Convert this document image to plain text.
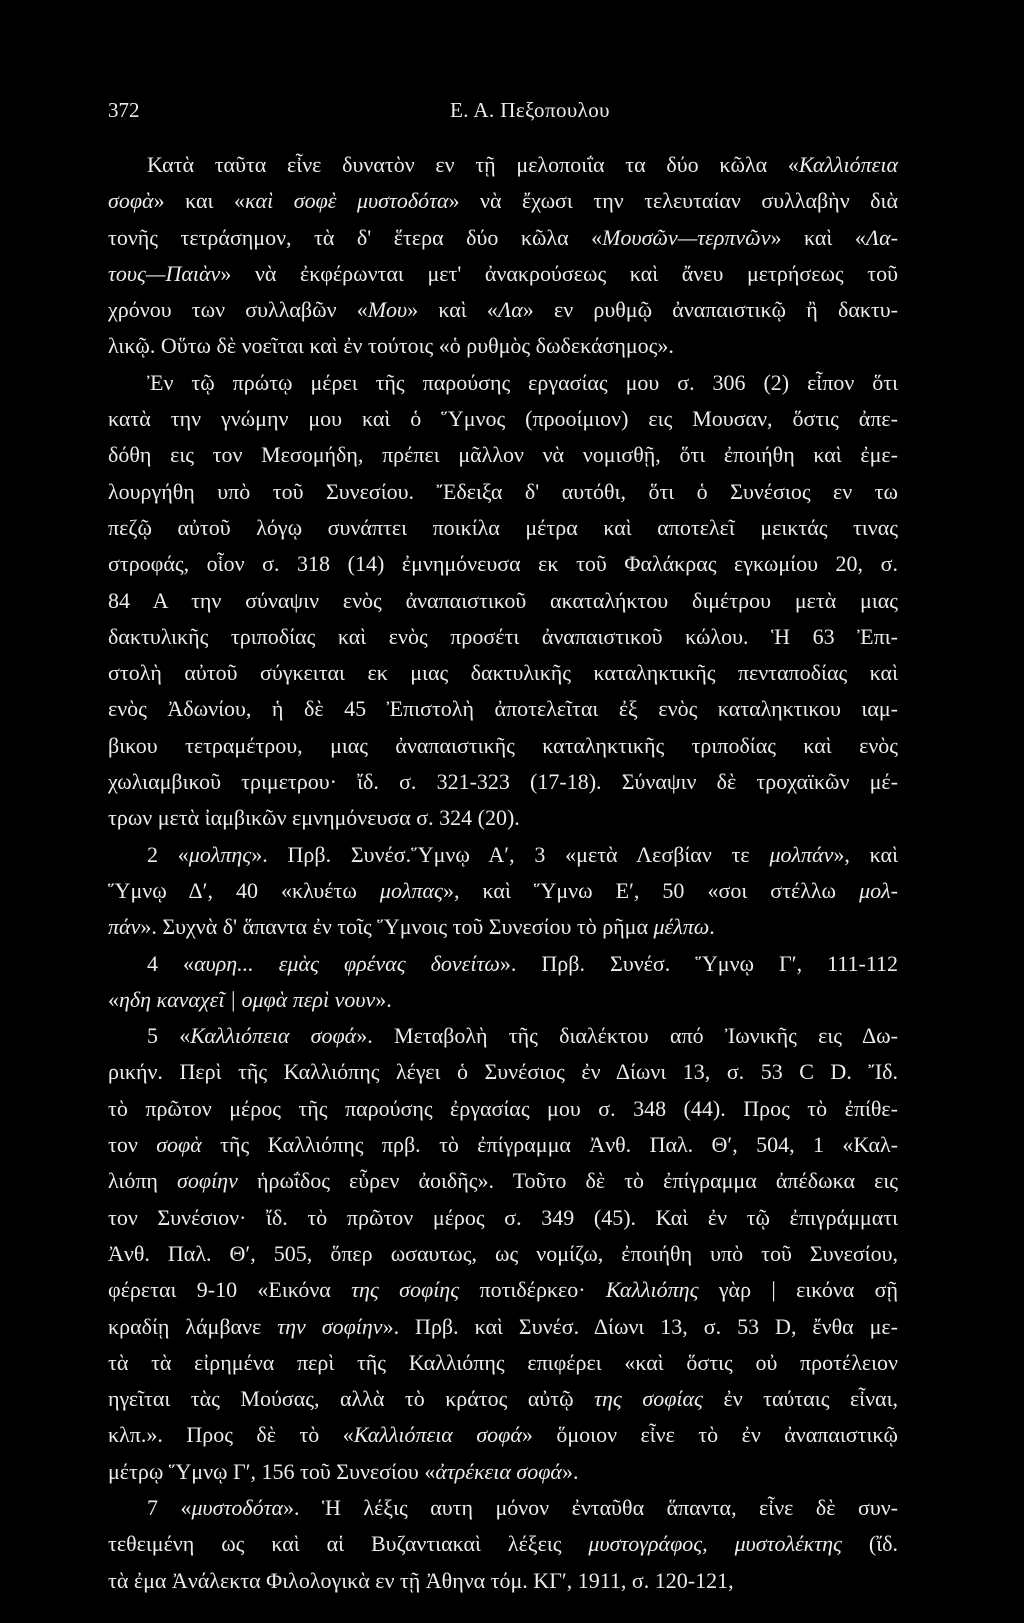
372	Ε. Α. Πεξοπουλου
Κατὰ ταῦτα εἶνε δυνατὸν εν τῇ μελοποιΐα τα δύο κῶλα «Καλλιόπεια
σοφὰ» και «καὶ σοφὲ μυστοδότα» νὰ ἔχωσι την τελευταίαν συλλαβὴν διὰ
τονῆς τετράσημον, τὰ δ' ἕτερα δύο κῶλα «Μουσῶν—τερπνῶν» καὶ «Λα-
τους—Παιὰν» νὰ ἐκφέρωνται μετ' ἀνακρούσεως καὶ ἄνευ μετρήσεως τοῦ
χρόνου των συλλαβῶν «Μου» καὶ «Λα» εν ρυθμῷ ἀναπαιστικῷ ἢ δακτυ-
λικῷ. Οὕτω δὲ νοεῖται καὶ ἐν τούτοις «ὁ ρυθμὸς δωδεκάσημος».
Ἐν τῷ πρώτῳ μέρει τῆς παρούσης εργασίας μου σ. 306 (2) εἶπον ὅτι
κατὰ την γνώμην μου καὶ ὁ Ὕμνος (προοίμιον) εις Μουσαν, ὅστις ἀπε-
δόθη εις τον Μεσομήδη, πρέπει μᾶλλον νὰ νομισθῇ, ὅτι ἐποιήθη καὶ ἐμε-
λουργήθη υπὸ τοῦ Συνεσίου. Ἔδειξα δ' αυτόθι, ὅτι ὁ Συνέσιος εν τω
πεζῷ αὐτοῦ λόγῳ συνάπτει ποικίλα μέτρα καὶ αποτελεῖ μεικτάς τινας
στροφάς, οἷον σ. 318 (14) ἐμνημόνευσα εκ τοῦ Φαλάκρας εγκωμίου 20, σ.
84 Α την σύναψιν ενὸς ἀναπαιστικοῦ ακαταλήκτου διμέτρου μετὰ μιας
δακτυλικῆς τριποδίας καὶ ενὸς προσέτι ἀναπαιστικοῦ κώλου. Ἡ 63 Ἐπι-
στολὴ αὐτοῦ σύγκειται εκ μιας δακτυλικῆς καταληκτικῆς πενταποδίας καὶ
ενὸς Ἀδωνίου, ἡ δὲ 45 Ἐπιστολὴ ἀποτελεῖται ἐξ ενὸς καταληκτικου ιαμ-
βικου τετραμέτρου, μιας ἀναπαιστικῆς καταληκτικῆς τριποδίας καὶ ενὸς
χωλιαμβικοῦ τριμετρου· ἴδ. σ. 321-323 (17-18). Σύναψιν δὲ τροχαϊκῶν μέ-
τρων μετὰ ἰαμβικῶν εμνημόνευσα σ. 324 (20).
2 «μολπης». Πρβ. Συνέσ.Ὕμνῳ Α′, 3 «μετὰ Λεσβίαν τε μολπάν», καὶ
Ὕμνῳ Δ′, 40 «κλυέτω μολπας», καὶ Ὕμνω Ε′, 50 «σοι στέλλω μολ-
πάν». Συχνὰ δ' ἅπαντα ἐν τοῖς Ὕμνοις τοῦ Συνεσίου τὸ ρῆμα μέλπω.
4 «αυρη... εμὰς φρένας δονείτω». Πρβ. Συνέσ. Ὕμνῳ Γ′, 111-112
«ηδη καναχεῖ | ομφὰ περὶ νουν».
5 «Καλλιόπεια σοφά». Μεταβολὴ τῆς διαλέκτου από Ἰωνικῆς εις Δω-
ρικήν. Περὶ τῆς Καλλιόπης λέγει ὁ Συνέσιος ἐν Δίωνι 13, σ. 53 C D. Ἴδ.
τὸ πρῶτον μέρος τῆς παρούσης ἐργασίας μου σ. 348 (44). Προς τὸ ἐπίθε-
τον σοφὰ τῆς Καλλιόπης πρβ. τὸ ἐπίγραμμα Ἀνθ. Παλ. Θ′, 504, 1 «Καλ-
λιόπη σοφίην ἡρωΐδος εὗρεν ἀοιδῆς». Τοῦτο δὲ τὸ ἐπίγραμμα ἀπέδωκα εις
τον Συνέσιον· ἴδ. τὸ πρῶτον μέρος σ. 349 (45). Καὶ ἐν τῷ ἐπιγράμματι
Ἀνθ. Παλ. Θ′, 505, ὅπερ ωσαυτως, ως νομίζω, ἐποιήθη υπὸ τοῦ Συνεσίου,
φέρεται 9-10 «Εικόνα της σοφίης ποτιδέρκεο· Καλλιόπης γὰρ | εικόνα σῇ
κραδίῃ λάμβανε την σοφίην». Πρβ. καὶ Συνέσ. Δίωνι 13, σ. 53 D, ἔνθα με-
τὰ τὰ εἰρημένα περὶ τῆς Καλλιόπης επιφέρει «καὶ ὅστις οὐ προτέλειον
ηγεῖται τὰς Μούσας, αλλὰ τὸ κράτος αὐτῷ της σοφίας ἐν ταύταις εἶναι,
κλπ.». Προς δὲ τὸ «Καλλιόπεια σοφά» ὅμοιον εἶνε τὸ ἐν ἀναπαιστικῷ
μέτρῳ Ὕμνῳ Γ′, 156 τοῦ Συνεσίου «ἀτρέκεια σοφά».
7 «μυστοδότα». Ἡ λέξις αυτη μόνον ἐνταῦθα ἅπαντα, εἶνε δὲ συν-
τεθειμένη ως καὶ αἱ Βυζαντιακαὶ λέξεις μυστογράφος, μυστολέκτης (ἴδ.
τὰ ἐμα Ἀνάλεκτα Φιλολογικὰ εν τῇ Ἀθηνα τόμ. ΚΓ′, 1911, σ. 120-121,
